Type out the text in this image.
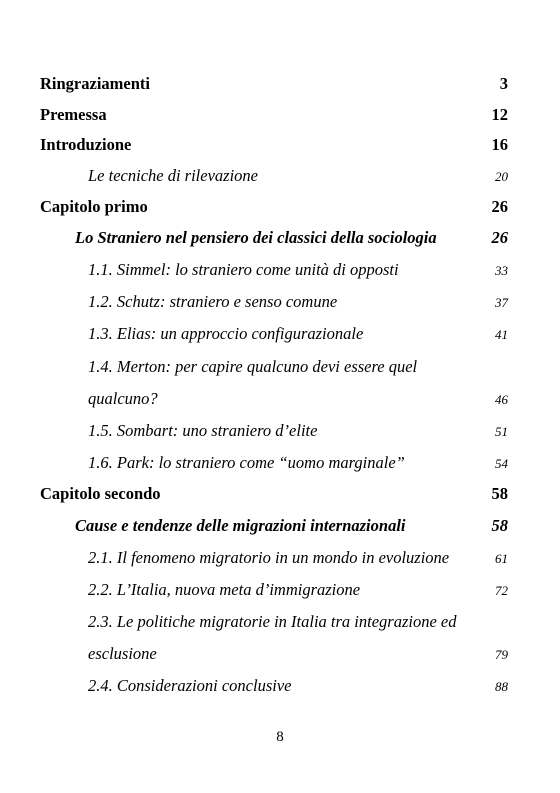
Ringraziamenti	3
Premessa	12
Introduzione	16
Le tecniche di rilevazione	20
Capitolo primo	26
Lo Straniero nel pensiero dei classici della sociologia	26
1.1. Simmel: lo straniero come unità di opposti	33
1.2. Schutz: straniero e senso comune	37
1.3. Elias: un approccio configurazionale	41
1.4. Merton: per capire qualcuno devi essere quel
qualcuno?	46
1.5. Sombart: uno straniero d’elite	51
1.6. Park: lo straniero come “uomo marginale”	54
Capitolo secondo	58
Cause e tendenze delle migrazioni internazionali	58
2.1. Il fenomeno migratorio in un mondo in evoluzione	61
2.2. L’Italia, nuova meta d’immigrazione	72
2.3. Le politiche migratorie in Italia tra integrazione ed
esclusione	79
2.4. Considerazioni conclusive	88
8
